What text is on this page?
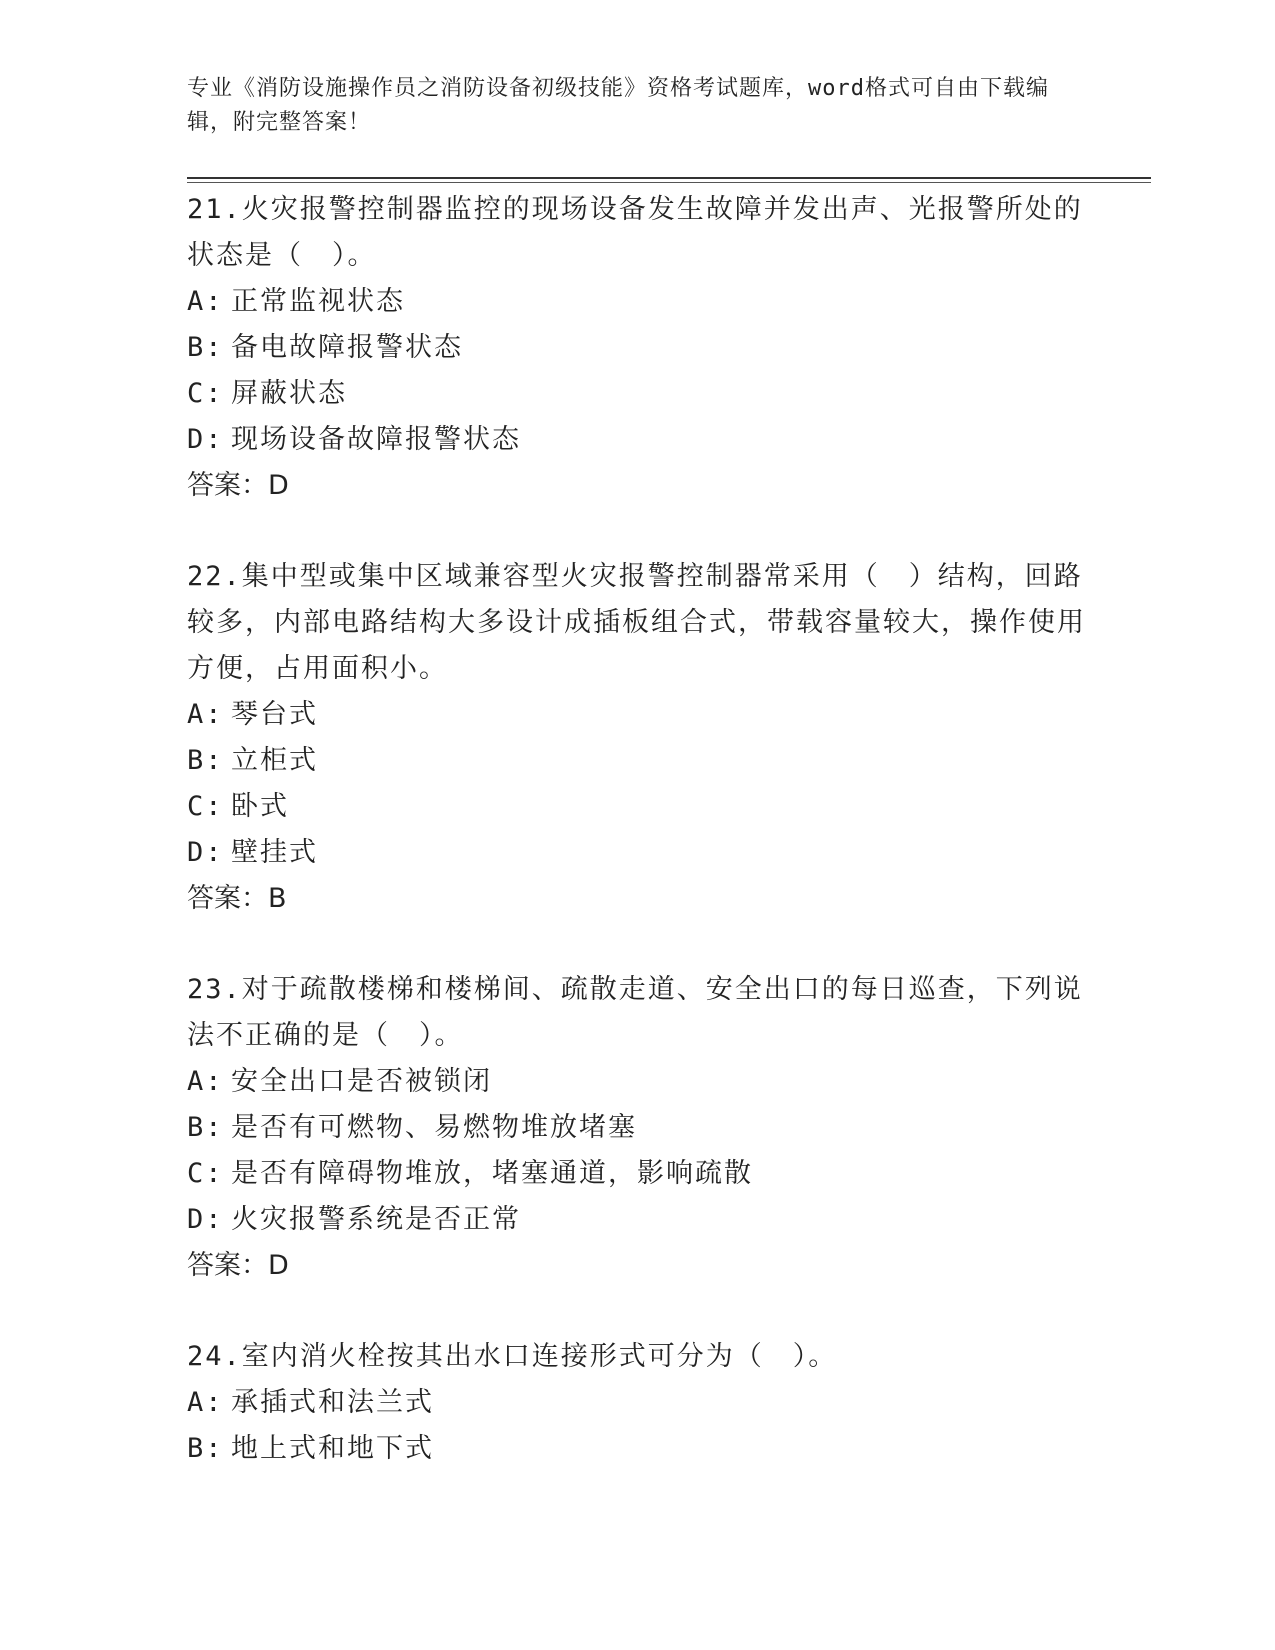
专业《消防设施操作员之消防设备初级技能》资格考试题库，word格式可自由下载编辑，附完整答案！

21.火灾报警控制器监控的现场设备发生故障并发出声、光报警所处的状态是（　）。

A: 正常监视状态

B: 备电故障报警状态

C: 屏蔽状态

D: 现场设备故障报警状态

答案：D

22.集中型或集中区域兼容型火灾报警控制器常采用（　）结构，回路较多，内部电路结构大多设计成插板组合式，带载容量较大，操作使用方便，占用面积小。

A: 琴台式

B: 立柜式

C: 卧式

D: 壁挂式

答案：B

23.对于疏散楼梯和楼梯间、疏散走道、安全出口的每日巡查，下列说法不正确的是（　）。

A: 安全出口是否被锁闭

B: 是否有可燃物、易燃物堆放堵塞

C: 是否有障碍物堆放，堵塞通道，影响疏散

D: 火灾报警系统是否正常

答案：D

24.室内消火栓按其出水口连接形式可分为（　）。

A: 承插式和法兰式

B: 地上式和地下式
